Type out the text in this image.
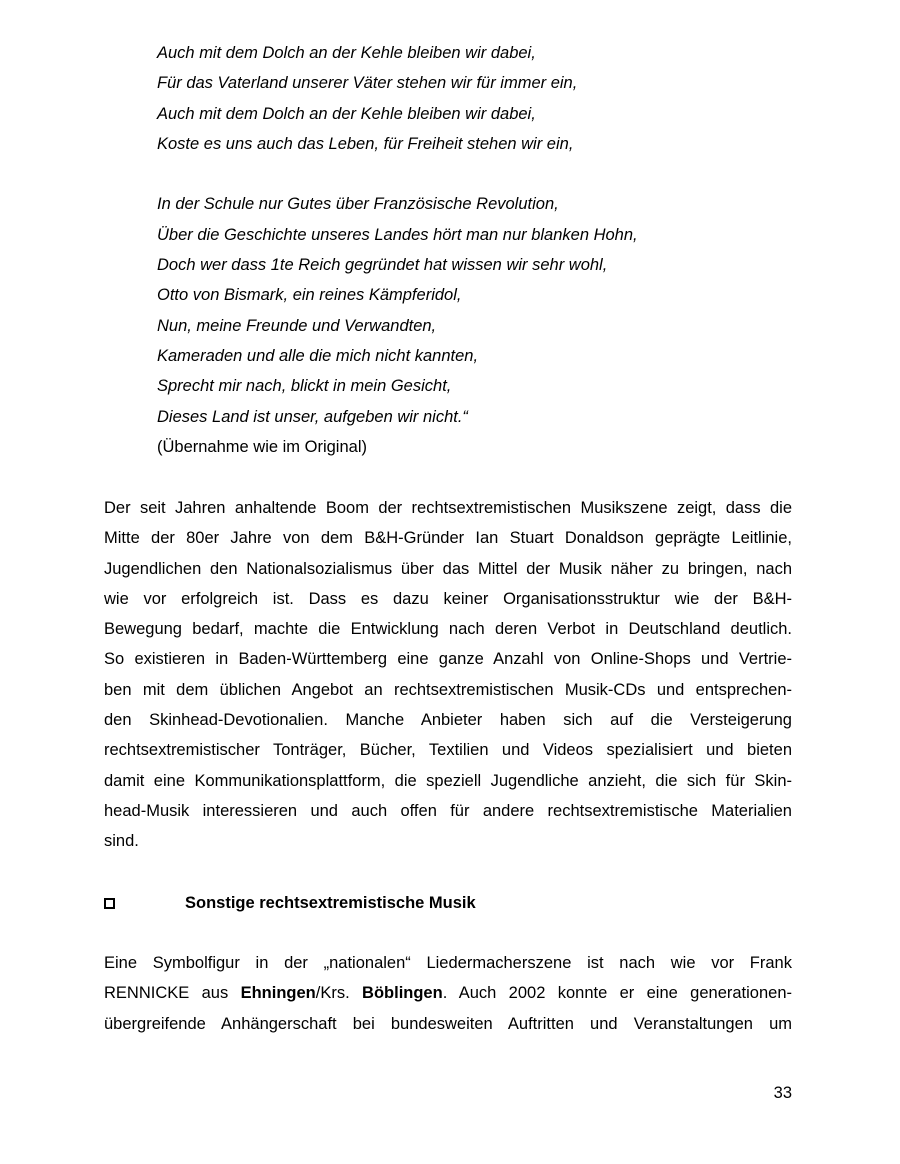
Auch mit dem Dolch an der Kehle bleiben wir dabei,
Für das Vaterland unserer Väter stehen wir für immer ein,
Auch mit dem Dolch an der Kehle bleiben wir dabei,
Koste es uns auch das Leben, für Freiheit stehen wir ein,
In der Schule nur Gutes über Französische Revolution,
Über die Geschichte unseres Landes hört man nur blanken Hohn,
Doch wer dass 1te Reich gegründet hat wissen wir sehr wohl,
Otto von Bismark, ein reines Kämpferidol,
Nun, meine Freunde und Verwandten,
Kameraden und alle die mich nicht kannten,
Sprecht mir nach, blickt in mein Gesicht,
Dieses Land ist unser, aufgeben wir nicht.“
(Übernahme wie im Original)
Der seit Jahren anhaltende Boom der rechtsextremistischen Musikszene zeigt, dass die
Mitte der 80er Jahre von dem B&H-Gründer Ian Stuart Donaldson geprägte Leitlinie,
Jugendlichen den Nationalsozialismus über das Mittel der Musik näher zu bringen, nach
wie vor erfolgreich ist. Dass es dazu keiner Organisationsstruktur wie der B&H-
Bewegung bedarf, machte die Entwicklung nach deren Verbot in Deutschland deutlich.
So existieren in Baden-Württemberg eine ganze Anzahl von Online-Shops und Vertrie-
ben mit dem üblichen Angebot an rechtsextremistischen Musik-CDs und entsprechen-
den Skinhead-Devotionalien. Manche Anbieter haben sich auf die Versteigerung
rechtsextremistischer Tonträger, Bücher, Textilien und Videos spezialisiert und bieten
damit eine Kommunikationsplattform, die speziell Jugendliche anzieht, die sich für Skin-
head-Musik interessieren und auch offen für andere rechtsextremistische Materialien
sind.
Sonstige rechtsextremistische Musik
Eine Symbolfigur in der „nationalen“ Liedermacherszene ist nach wie vor Frank
RENNICKE aus Ehningen/Krs. Böblingen. Auch 2002 konnte er eine generationen-
übergreifende Anhängerschaft bei bundesweiten Auftritten und Veranstaltungen um
33
